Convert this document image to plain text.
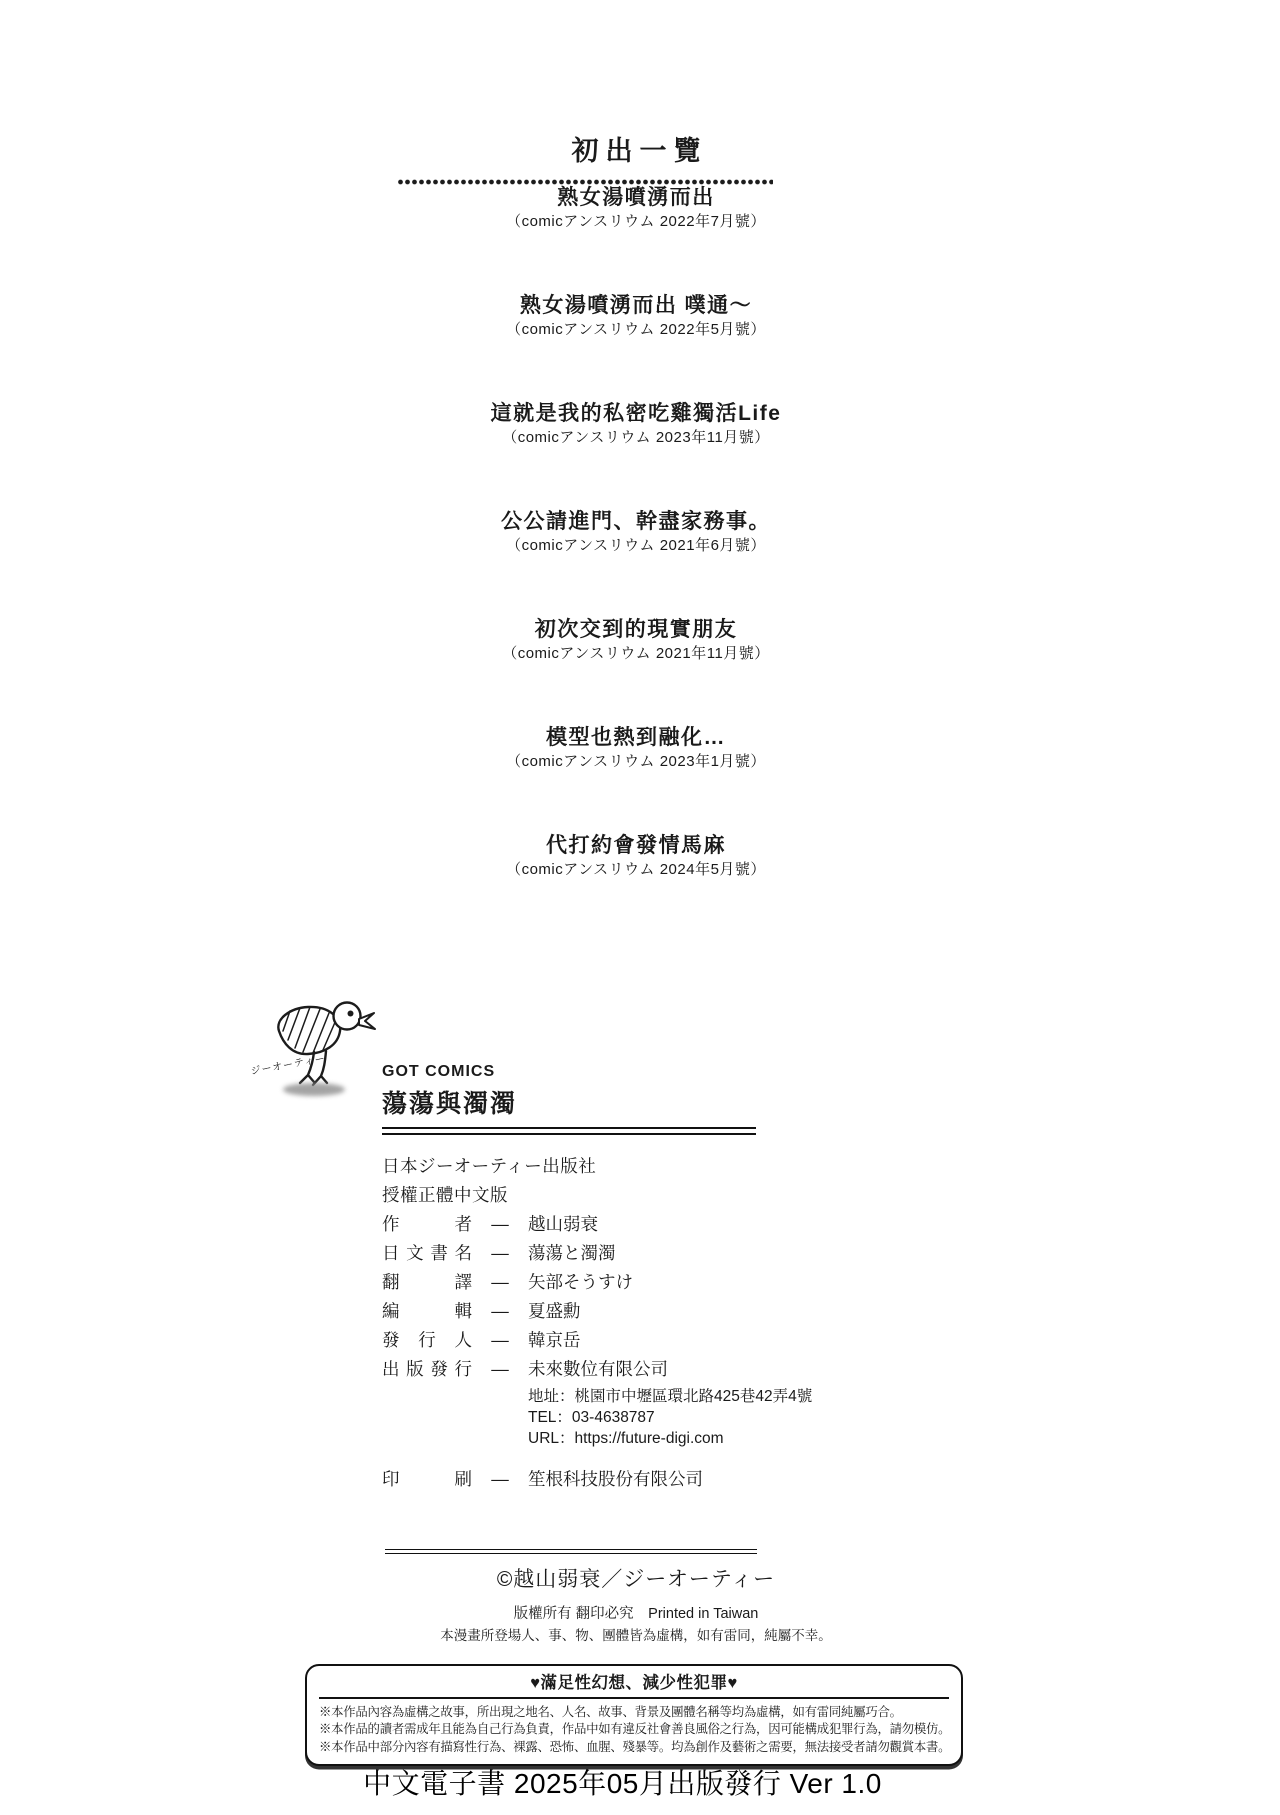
初出一覽
熟女湯噴湧而出
（comicアンスリウム 2022年7月號）
熟女湯噴湧而出 噗通～
（comicアンスリウム 2022年5月號）
這就是我的私密吃雞獨活Life
（comicアンスリウム 2023年11月號）
公公請進門、幹盡家務事。
（comicアンスリウム 2021年6月號）
初次交到的現實朋友
（comicアンスリウム 2021年11月號）
模型也熱到融化…
（comicアンスリウム 2023年1月號）
代打約會發情馬麻
（comicアンスリウム 2024年5月號）
ジーオーティー	GOT COMICS
蕩蕩與濁濁
日本ジーオーティー出版社
授權正體中文版
作者	—	越山弱衰
日文書名	—	蕩蕩と濁濁
翻譯	—	矢部そうすけ
編輯	—	夏盛勳
發行人	—	韓京岳
出版發行	—	未來數位有限公司
地址：桃園市中壢區環北路425巷42弄4號
TEL：03-4638787
URL：https://future-digi.com
印刷	—	笙根科技股份有限公司
©越山弱衰／ジーオーティー
版權所有 翻印必究　Printed in Taiwan
本漫畫所登場人、事、物、團體皆為虛構，如有雷同，純屬不幸。
♥滿足性幻想、減少性犯罪♥
※本作品內容為虛構之故事，所出現之地名、人名、故事、背景及團體名稱等均為虛構，如有雷同純屬巧合。
※本作品的讀者需成年且能為自己行為負責，作品中如有違反社會善良風俗之行為，因可能構成犯罪行為，請勿模仿。
※本作品中部分內容有描寫性行為、裸露、恐怖、血腥、殘暴等。均為創作及藝術之需要，無法接受者請勿觀賞本書。
中文電子書 2025年05月出版發行 Ver 1.0
